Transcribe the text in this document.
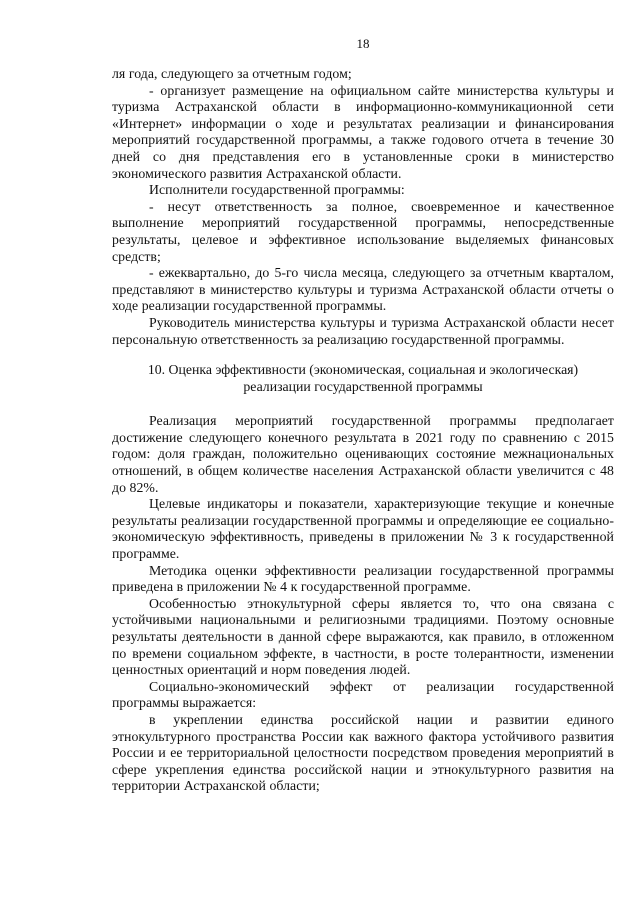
18

ля года, следующего за отчетным годом;

- организует размещение на официальном сайте министерства культуры и туризма Астраханской области в информационно-коммуникационной сети «Интернет» информации о ходе и результатах реализации и финансирования мероприятий государственной программы, а также годового отчета в течение 30 дней со дня представления его в установленные сроки в министерство экономического развития Астраханской области.

Исполнители государственной программы:

- несут ответственность за полное, своевременное и качественное выполнение мероприятий государственной программы, непосредственные результаты, целевое и эффективное использование выделяемых финансовых средств;

- ежеквартально, до 5-го числа месяца, следующего за отчетным кварталом, представляют в министерство культуры и туризма Астраханской области отчеты о ходе реализации государственной программы.

Руководитель министерства культуры и туризма Астраханской области несет персональную ответственность за реализацию государственной программы.

10. Оценка эффективности (экономическая, социальная и экологическая)
реализации государственной программы

Реализация мероприятий государственной программы предполагает достижение следующего конечного результата в 2021 году по сравнению с 2015 годом: доля граждан, положительно оценивающих состояние межнациональных отношений, в общем количестве населения Астраханской области увеличится с 48 до 82%.

Целевые индикаторы и показатели, характеризующие текущие и конечные результаты реализации государственной программы и определяющие ее социально-экономическую эффективность, приведены в приложении № 3 к государственной программе.

Методика оценки эффективности реализации государственной программы приведена в приложении № 4 к государственной программе.

Особенностью этнокультурной сферы является то, что она связана с устойчивыми национальными и религиозными традициями. Поэтому основные результаты деятельности в данной сфере выражаются, как правило, в отложенном по времени социальном эффекте, в частности, в росте толерантности, изменении ценностных ориентаций и норм поведения людей.

Социально-экономический эффект от реализации государственной программы выражается:

в укреплении единства российской нации и развитии единого этнокультурного пространства России как важного фактора устойчивого развития России и ее территориальной целостности посредством проведения мероприятий в сфере укрепления единства российской нации и этнокультурного развития на территории Астраханской области;
